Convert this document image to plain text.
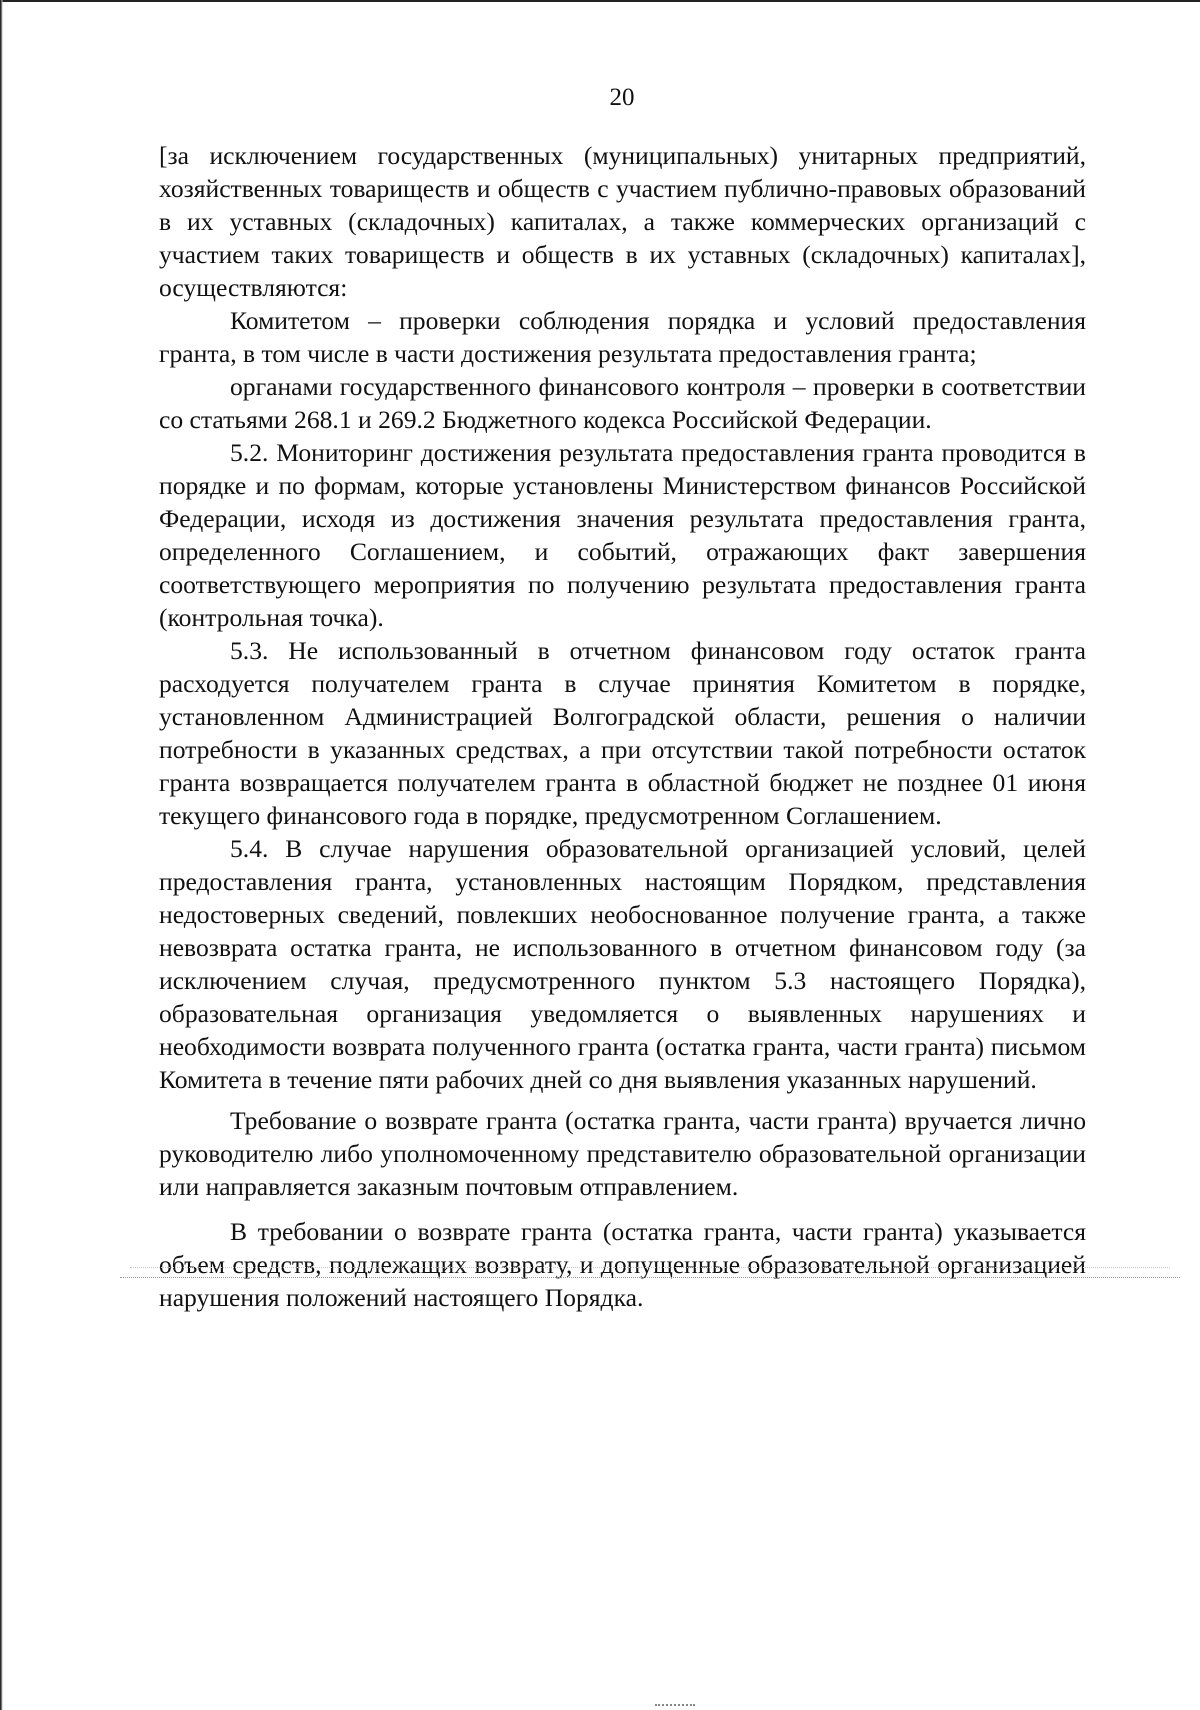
20

[за исключением государственных (муниципальных) унитарных предприятий, хозяйственных товариществ и обществ с участием публично-правовых образований в их уставных (складочных) капиталах, а также коммерческих организаций с участием таких товариществ и обществ в их уставных (складочных) капиталах], осуществляются:

Комитетом – проверки соблюдения порядка и условий предоставления гранта, в том числе в части достижения результата предоставления гранта;

органами государственного финансового контроля – проверки в соответствии со статьями 268.1 и 269.2 Бюджетного кодекса Российской Федерации.

5.2. Мониторинг достижения результата предоставления гранта проводится в порядке и по формам, которые установлены Министерством финансов Российской Федерации, исходя из достижения значения результата предоставления гранта, определенного Соглашением, и событий, отражающих факт завершения соответствующего мероприятия по получению результата предоставления гранта (контрольная точка).

5.3. Не использованный в отчетном финансовом году остаток гранта расходуется получателем гранта в случае принятия Комитетом в порядке, установленном Администрацией Волгоградской области, решения о наличии потребности в указанных средствах, а при отсутствии такой потребности остаток гранта возвращается получателем гранта в областной бюджет не позднее 01 июня текущего финансового года в порядке, предусмотренном Соглашением.

5.4. В случае нарушения образовательной организацией условий, целей предоставления гранта, установленных настоящим Порядком, представления недостоверных сведений, повлекших необоснованное получение гранта, а также невозврата остатка гранта, не использованного в отчетном финансовом году (за исключением случая, предусмотренного пунктом 5.3 настоящего Порядка), образовательная организация уведомляется о выявленных нарушениях и необходимости возврата полученного гранта (остатка гранта, части гранта) письмом Комитета в течение пяти рабочих дней со дня выявления указанных нарушений.

Требование о возврате гранта (остатка гранта, части гранта) вручается лично руководителю либо уполномоченному представителю образовательной организации или направляется заказным почтовым отправлением.

В требовании о возврате гранта (остатка гранта, части гранта) указывается объем средств, подлежащих возврату, и допущенные образовательной организацией нарушения положений настоящего Порядка.
